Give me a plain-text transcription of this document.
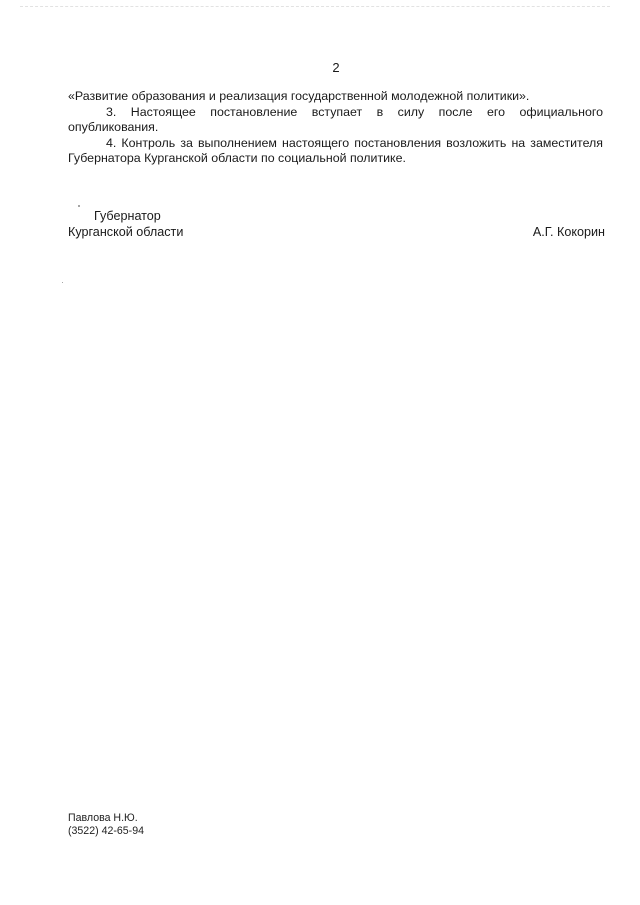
2

«Развитие образования и реализация государственной молодежной политики».

3. Настоящее постановление вступает в силу после его официального опубликования.

4. Контроль за выполнением настоящего постановления возложить на заместителя Губернатора Курганской области по социальной политике.

Губернатор
Курганской области	А.Г. Кокорин
Павлова Н.Ю.
(3522) 42-65-94
